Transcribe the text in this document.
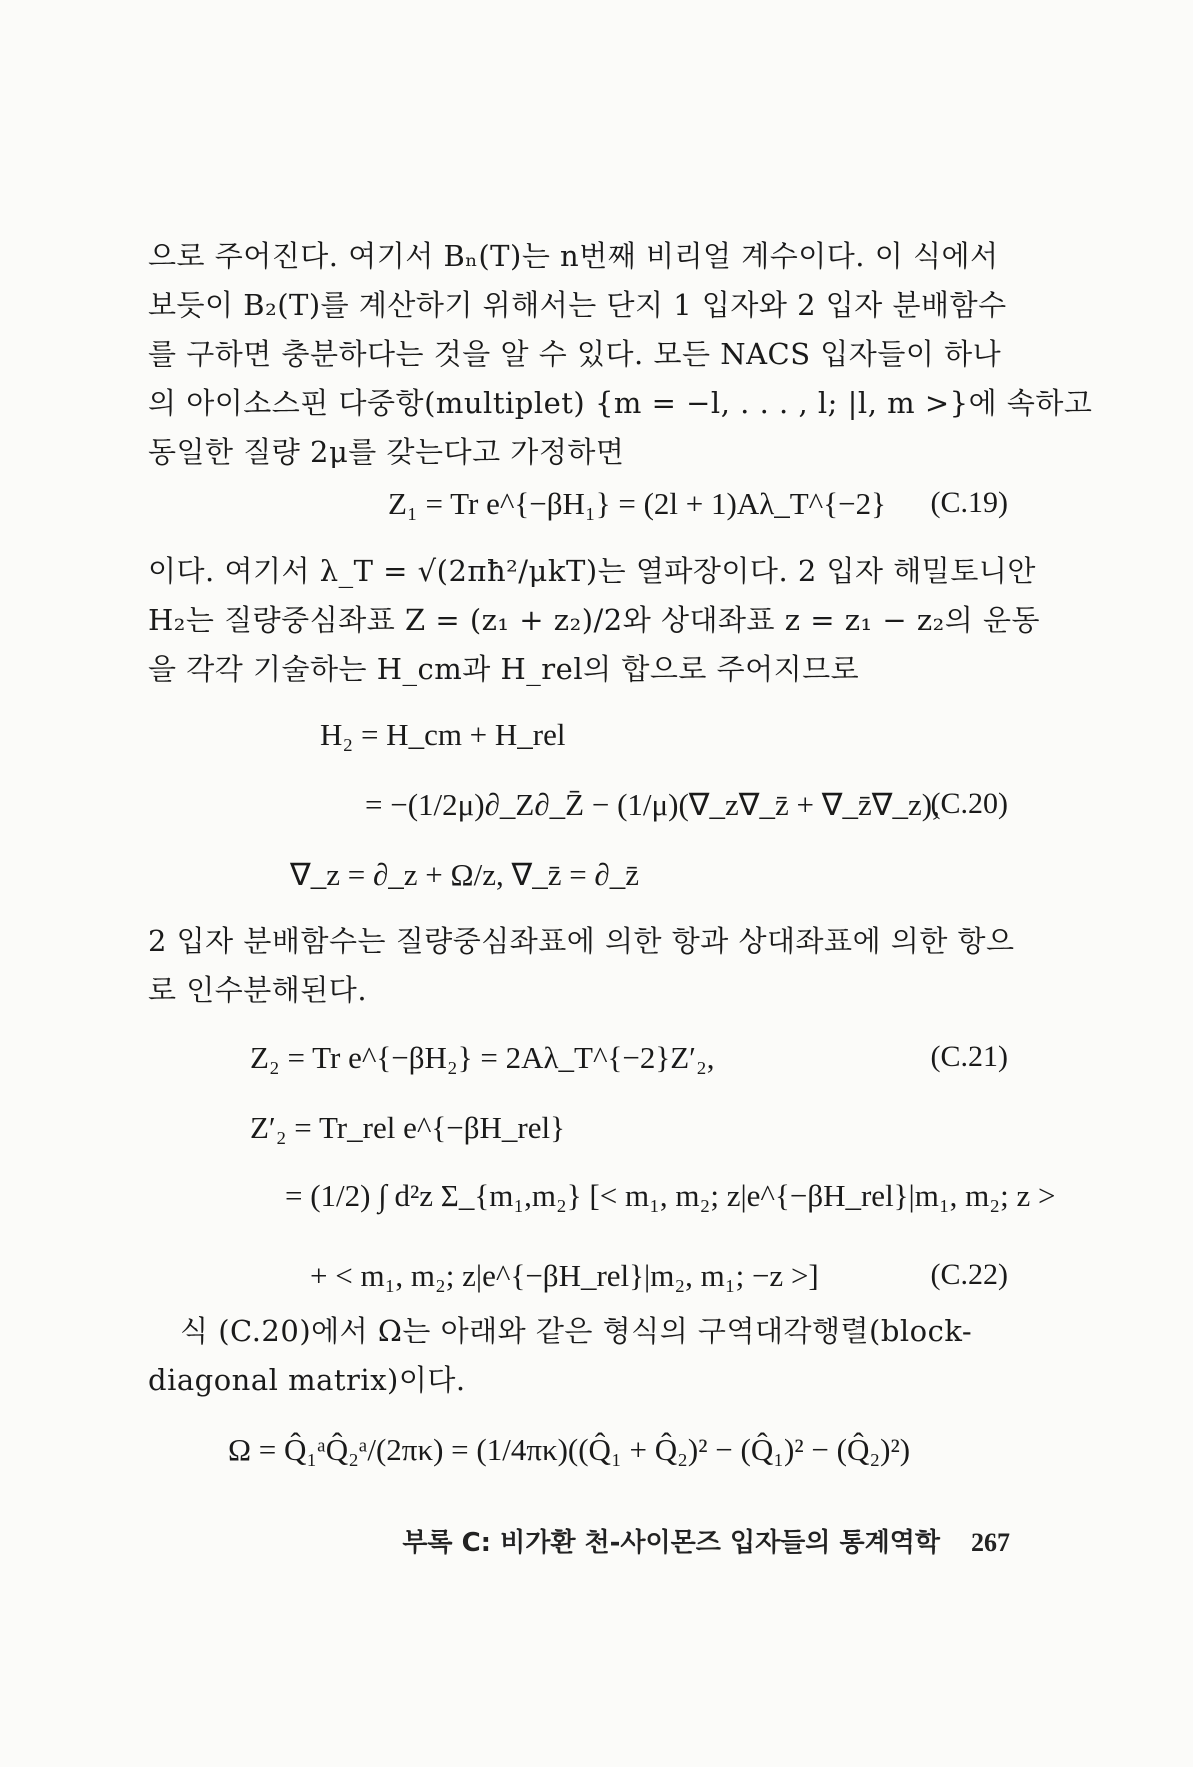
으로 주어진다. 여기서 Bₙ(T)는 n번째 비리얼 계수이다. 이 식에서
보듯이 B₂(T)를 계산하기 위해서는 단지 1 입자와 2 입자 분배함수
를 구하면 충분하다는 것을 알 수 있다. 모든 NACS 입자들이 하나
의 아이소스핀 다중항(multiplet) {m = −l, . . . , l; |l, m >}에 속하고
동일한 질량 2μ를 갖는다고 가정하면
Z₁ = Tr e^{−βH₁} = (2l + 1)Aλ_T^{−2} (C.19)
이다. 여기서 λ_T = √(2πħ²/μkT)는 열파장이다. 2 입자 해밀토니안
H₂는 질량중심좌표 Z = (z₁ + z₂)/2와 상대좌표 z = z₁ − z₂의 운동
을 각각 기술하는 H_cm과 H_rel의 합으로 주어지므로
H₂ = H_cm + H_rel
= −(1/2μ)∂_Z∂_Z̄ − (1/μ)(∇_z∇_z̄ + ∇_z̄∇_z),
∇_z = ∂_z + Ω/z, ∇_z̄ = ∂_z̄
(C.20)
2 입자 분배함수는 질량중심좌표에 의한 항과 상대좌표에 의한 항으
로 인수분해된다.
Z₂ = Tr e^{−βH₂} = 2Aλ_T^{−2}Z′₂,	(C.21)
Z′₂ = Tr_rel e^{−βH_rel}
= (1/2) ∫ d²z Σ_{m₁,m₂} [< m₁, m₂; z|e^{−βH_rel}|m₁, m₂; z >
+ < m₁, m₂; z|e^{−βH_rel}|m₂, m₁; −z >]	(C.22)
식 (C.20)에서 Ω는 아래와 같은 형식의 구역대각행렬(block-
diagonal matrix)이다.
Ω = Q̂₁ᵃQ̂₂ᵃ/(2πκ) = (1/4πκ)((Q̂₁ + Q̂₂)² − (Q̂₁)² − (Q̂₂)²)
부록 C: 비가환 천-사이몬즈 입자들의 통계역학 267
